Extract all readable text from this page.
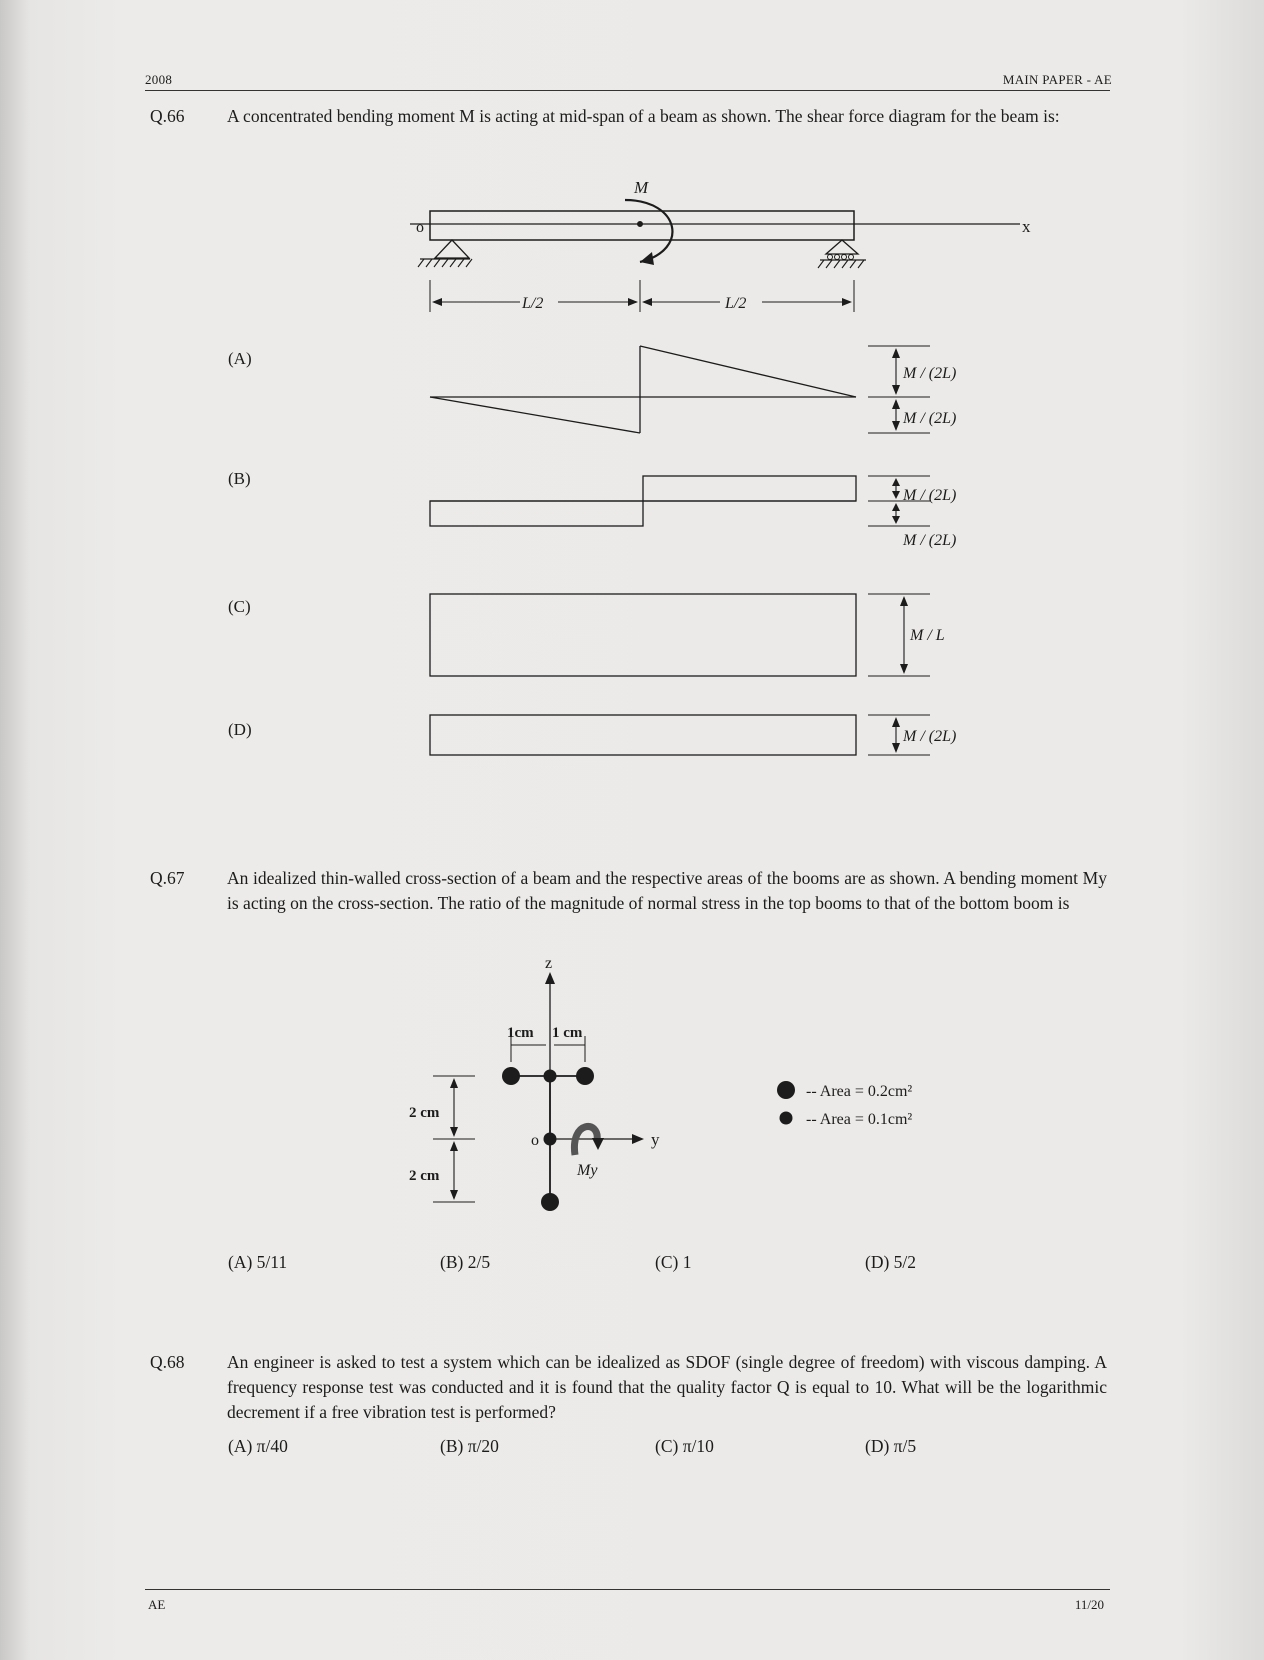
2008	MAIN PAPER - AE
Q.66 A concentrated bending moment M is acting at mid-span of a beam as shown. The shear force diagram for the beam is:
M
o	x
L/2	L/2
(A)
M / (2L)
M / (2L)
(B)
M / (2L)
M / (2L)
(C)
M / L
(D)	M / (2L)
Q.67 An idealized thin-walled cross-section of a beam and the respective areas of the booms are as shown. A bending moment My is acting on the cross-section. The ratio of the magnitude of normal stress in the top booms to that of the bottom boom is
z
y
o
My
1cm 1 cm
2 cm
2 cm
-- Area = 0.2cm²
-- Area = 0.1cm²
(A) 5/11	(B) 2/5	(C) 1	(D) 5/2
Q.68 An engineer is asked to test a system which can be idealized as SDOF (single degree of freedom) with viscous damping. A frequency response test was conducted and it is found that the quality factor Q is equal to 10. What will be the logarithmic decrement if a free vibration test is performed?
(A) π/40	(B) π/20	(C) π/10	(D) π/5
AE	11/20
